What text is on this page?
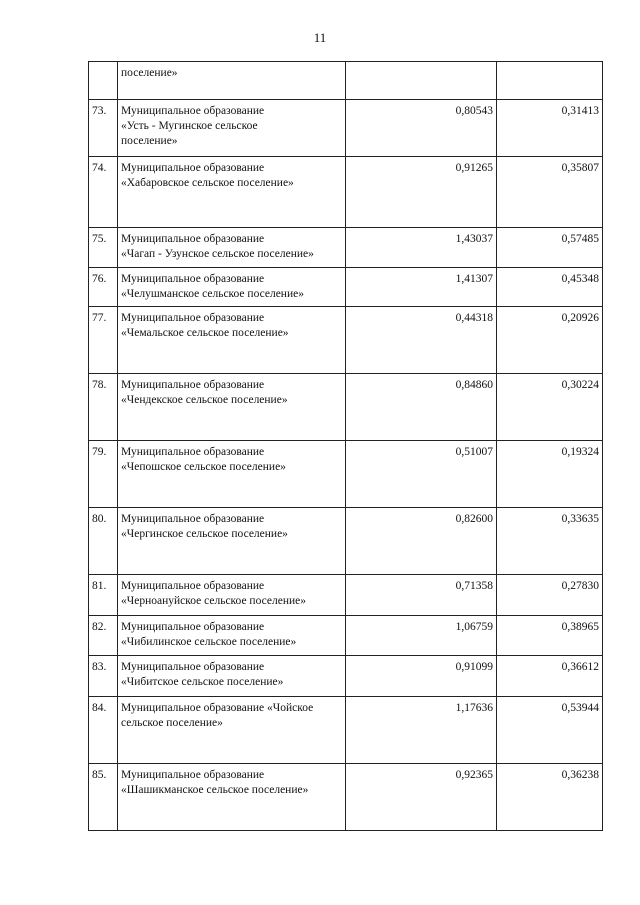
11

	поселение»		

73.	Муниципальное образование
«Усть - Мугинское сельское
поселение»	0,80543	0,31413
74.	Муниципальное образование
«Хабаровское сельское поселение»	0,91265	0,35807
75.	Муниципальное образование
«Чагап - Узунское сельское поселение»	1,43037	0,57485
76.	Муниципальное образование
«Челушманское сельское поселение»	1,41307	0,45348
77.	Муниципальное образование
«Чемальское сельское поселение»	0,44318	0,20926
78.	Муниципальное образование
«Чендекское сельское поселение»	0,84860	0,30224
79.	Муниципальное образование
«Чепошское сельское поселение»	0,51007	0,19324
80.	Муниципальное образование
«Чергинское сельское поселение»	0,82600	0,33635
81.	Муниципальное образование
«Черноануйское сельское поселение»	0,71358	0,27830
82.	Муниципальное образование
«Чибилинское сельское поселение»	1,06759	0,38965
83.	Муниципальное образование
«Чибитское сельское поселение»	0,91099	0,36612
84.	Муниципальное образование «Чойское
сельское поселение»	1,17636	0,53944
85.	Муниципальное образование
«Шашикманское сельское поселение»	0,92365	0,36238
